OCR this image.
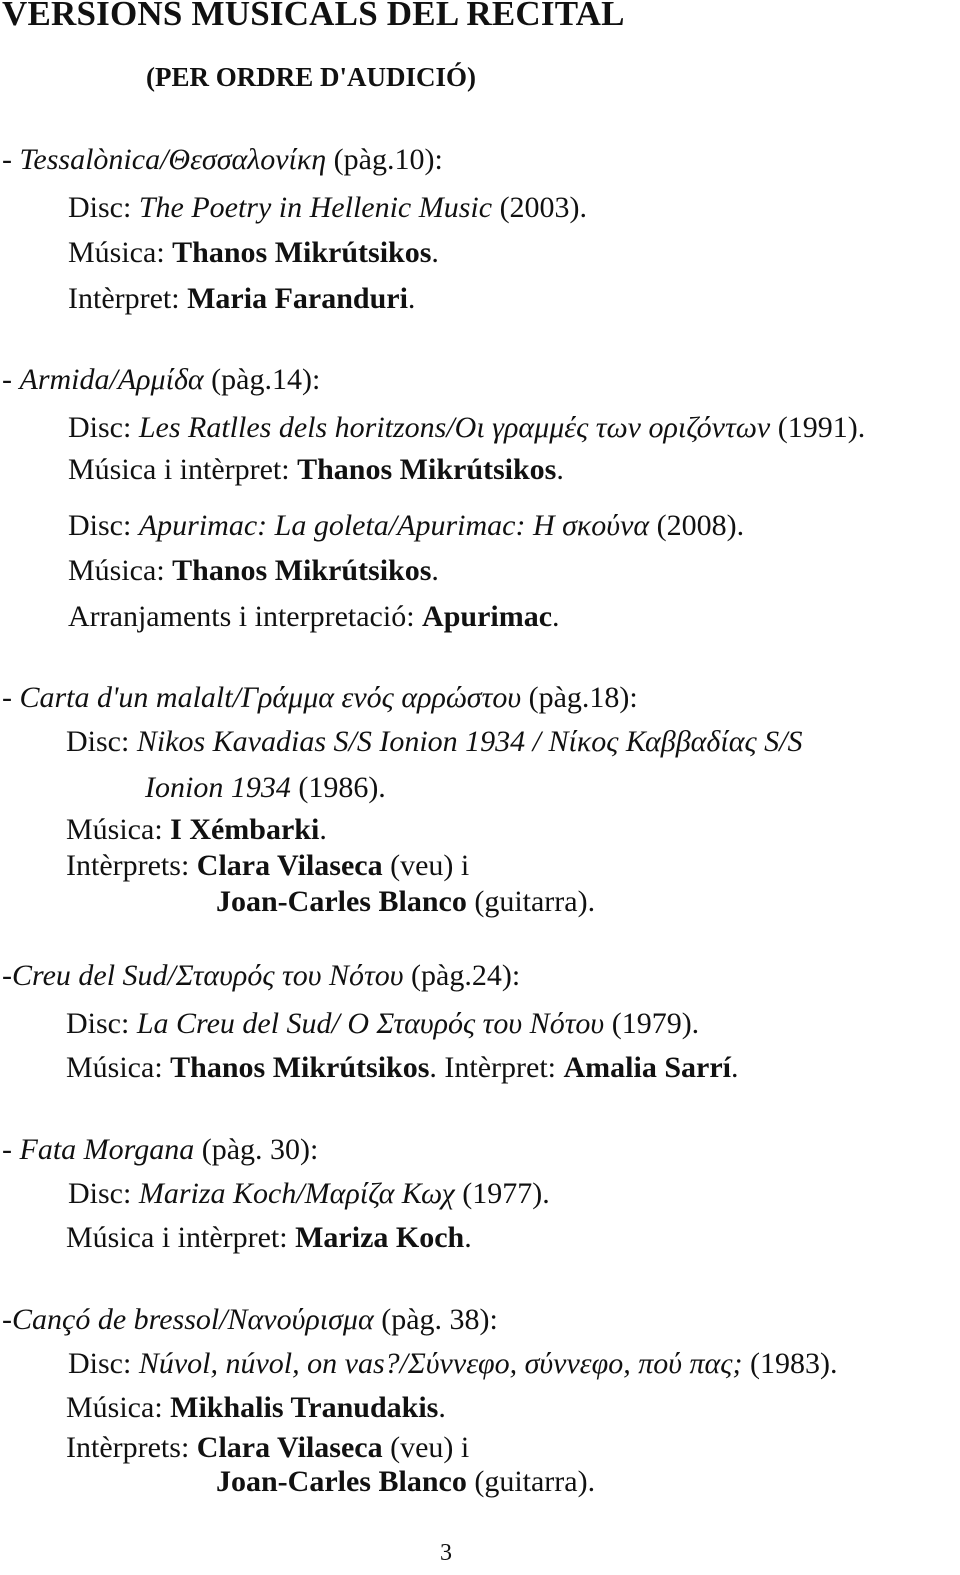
VERSIONS MUSICALS DEL RECITAL
(PER ORDRE D'AUDICIÓ)
- Tessalònica/Θεσσαλονίκη (pàg.10):
Disc: The Poetry in Hellenic Music (2003).
Música: Thanos Mikrútsikos.
Intèrpret: Maria Faranduri.
- Armida/Αρμίδα (pàg.14):
Disc: Les Ratlles dels horitzons/Οι γραμμές των οριζόντων (1991).
Música i intèrpret: Thanos Mikrútsikos.
Disc: Apurimac: La goleta/Apurimac: Η σκούνα (2008).
Música: Thanos Mikrútsikos.
Arranjaments i interpretació: Apurimac.
- Carta d'un malalt/Γράμμα ενός αρρώστου (pàg.18):
Disc: Nikos Kavadias S/S Ionion 1934 / Νίκος Καββαδίας S/S
Ionion 1934 (1986).
Música: I Xémbarki.
Intèrprets: Clara Vilaseca (veu) i
Joan-Carles Blanco (guitarra).
-Creu del Sud/Σταυρός του Νότου (pàg.24):
Disc: La Creu del Sud/ Ο Σταυρός του Νότου (1979).
Música: Thanos Mikrútsikos. Intèrpret: Amalia Sarrí.
- Fata Morgana (pàg. 30):
Disc: Mariza Koch/Μαρίζα Κωχ (1977).
Música i intèrpret: Mariza Koch.
-Cançó de bressol/Νανούρισμα (pàg. 38):
Disc: Núvol, núvol, on vas?/Σύννεφο, σύννεφο, πού πας; (1983).
Música: Mikhalis Tranudakis.
Intèrprets: Clara Vilaseca (veu) i
Joan-Carles Blanco (guitarra).
3
